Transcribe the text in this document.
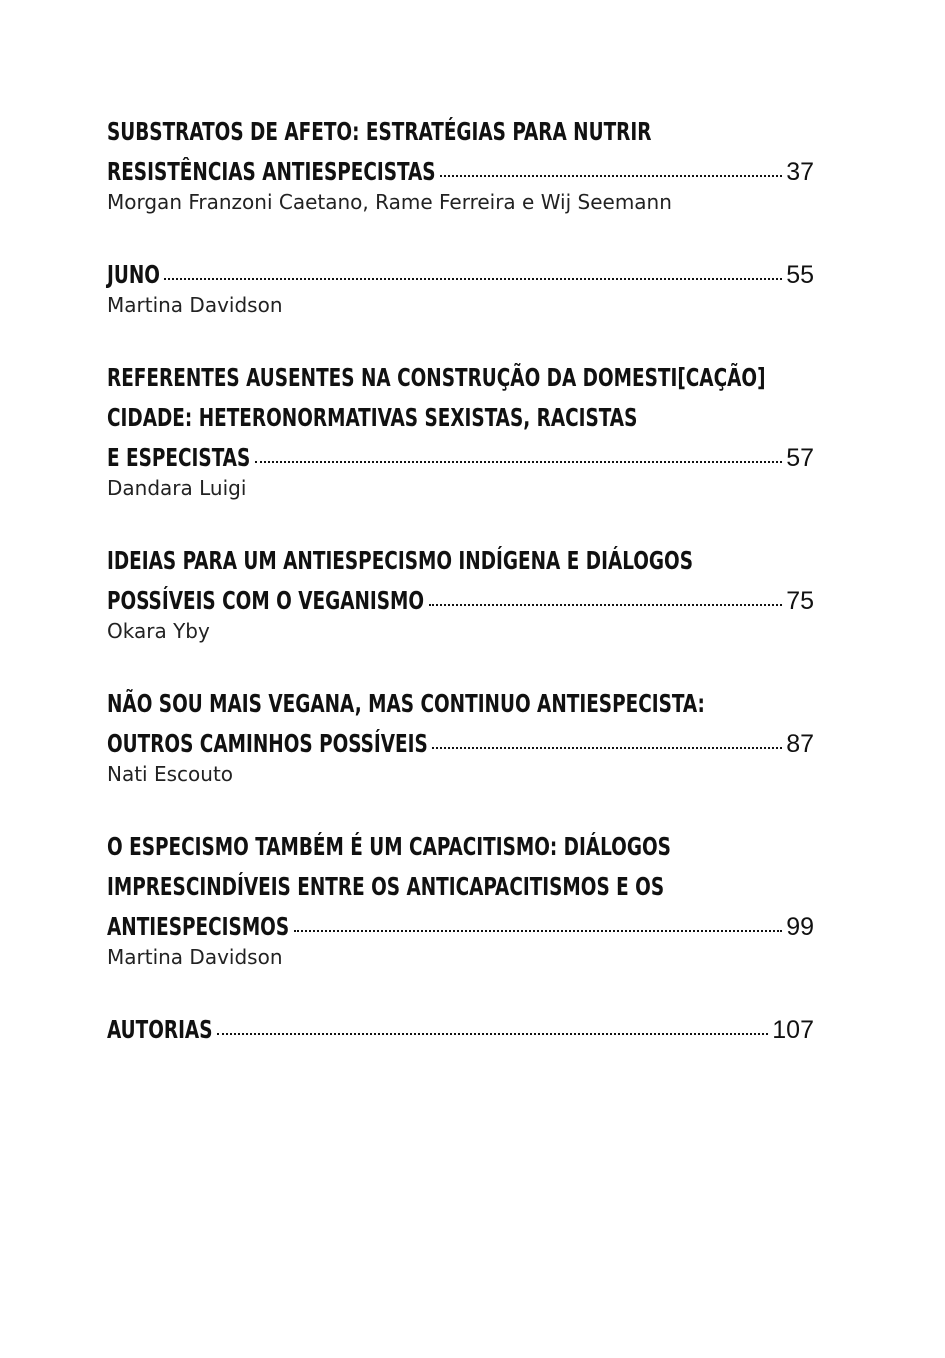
SUBSTRATOS DE AFETO: ESTRATÉGIAS PARA NUTRIR
RESISTÊNCIAS ANTIESPECISTAS	37
Morgan Franzoni Caetano, Rame Ferreira e Wij Seemann
JUNO	55
Martina Davidson
REFERENTES AUSENTES NA CONSTRUÇÃO DA DOMESTI[CAÇÃO]
CIDADE: HETERONORMATIVAS SEXISTAS, RACISTAS
E ESPECISTAS	57
Dandara Luigi
IDEIAS PARA UM ANTIESPECISMO INDÍGENA E DIÁLOGOS
POSSÍVEIS COM O VEGANISMO	75
Okara Yby
NÃO SOU MAIS VEGANA, MAS CONTINUO ANTIESPECISTA:
OUTROS CAMINHOS POSSÍVEIS	87
Nati Escouto
O ESPECISMO TAMBÉM É UM CAPACITISMO: DIÁLOGOS
IMPRESCINDÍVEIS ENTRE OS ANTICAPACITISMOS E OS
ANTIESPECISMOS	99
Martina Davidson
AUTORIAS	107
